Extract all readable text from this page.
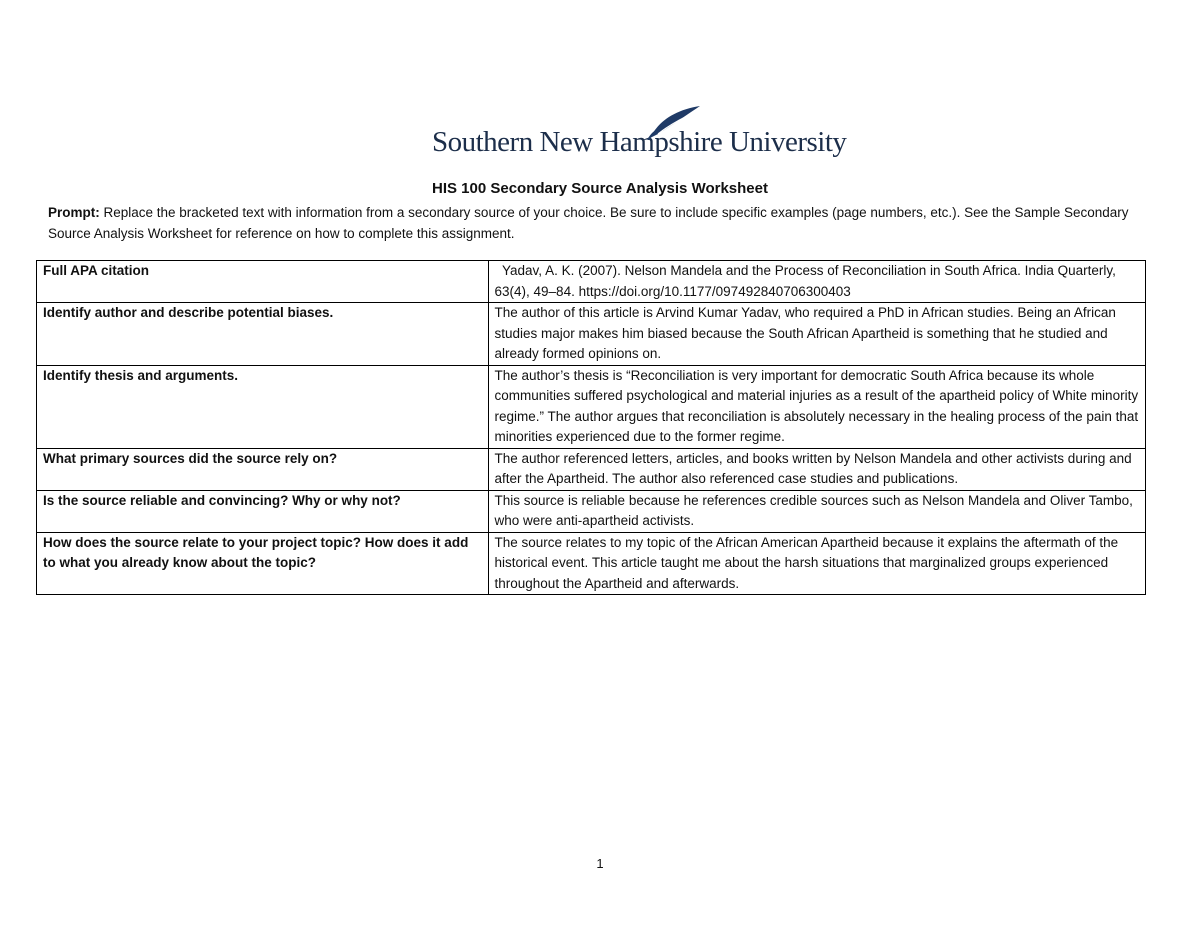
Southern New Hampshire University
HIS 100 Secondary Source Analysis Worksheet
Prompt: Replace the bracketed text with information from a secondary source of your choice. Be sure to include specific examples (page numbers, etc.). See the Sample Secondary Source Analysis Worksheet for reference on how to complete this assignment.
Full APA citation	Yadav, A. K. (2007). Nelson Mandela and the Process of Reconciliation in South Africa. India Quarterly, 63(4), 49–84. https://doi.org/10.1177/097492840706300403
Identify author and describe potential biases.	The author of this article is Arvind Kumar Yadav, who required a PhD in African studies. Being an African studies major makes him biased because the South African Apartheid is something that he studied and already formed opinions on.
Identify thesis and arguments.	The author’s thesis is “Reconciliation is very important for democratic South Africa because its whole communities suffered psychological and material injuries as a result of the apartheid policy of White minority regime.” The author argues that reconciliation is absolutely necessary in the healing process of the pain that minorities experienced due to the former regime.
What primary sources did the source rely on?	The author referenced letters, articles, and books written by Nelson Mandela and other activists during and after the Apartheid. The author also referenced case studies and publications.
Is the source reliable and convincing? Why or why not?	This source is reliable because he references credible sources such as Nelson Mandela and Oliver Tambo, who were anti-apartheid activists.
How does the source relate to your project topic? How does it add to what you already know about the topic?	The source relates to my topic of the African American Apartheid because it explains the aftermath of the historical event. This article taught me about the harsh situations that marginalized groups experienced throughout the Apartheid and afterwards.
1
